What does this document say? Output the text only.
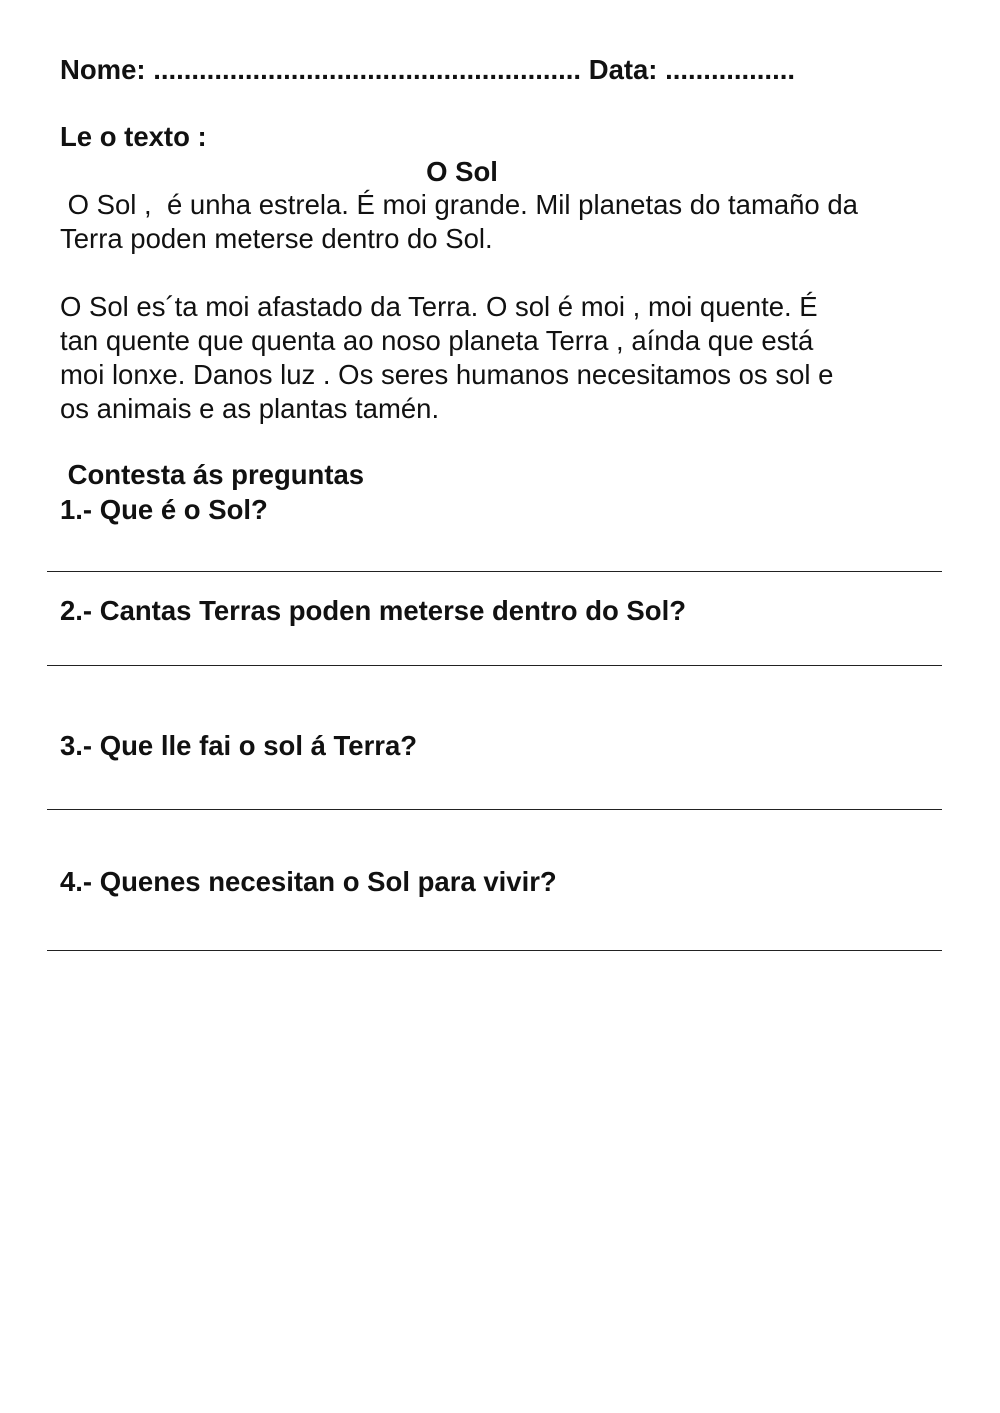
Nome: ........................................................ Data: .................

Le o texto :

O Sol

O Sol ,  é unha estrela. É moi grande. Mil planetas do tamaño da

Terra poden meterse dentro do Sol.

O Sol es´ta moi afastado da Terra. O sol é moi , moi quente. É

tan quente que quenta ao noso planeta Terra , aínda que está

moi lonxe. Danos luz . Os seres humanos necesitamos os sol e

os animais e as plantas tamén.

Contesta ás preguntas

1.- Que é o Sol?

2.- Cantas Terras poden meterse dentro do Sol?

3.- Que lle fai o sol á Terra?

4.- Quenes necesitan o Sol para vivir?
